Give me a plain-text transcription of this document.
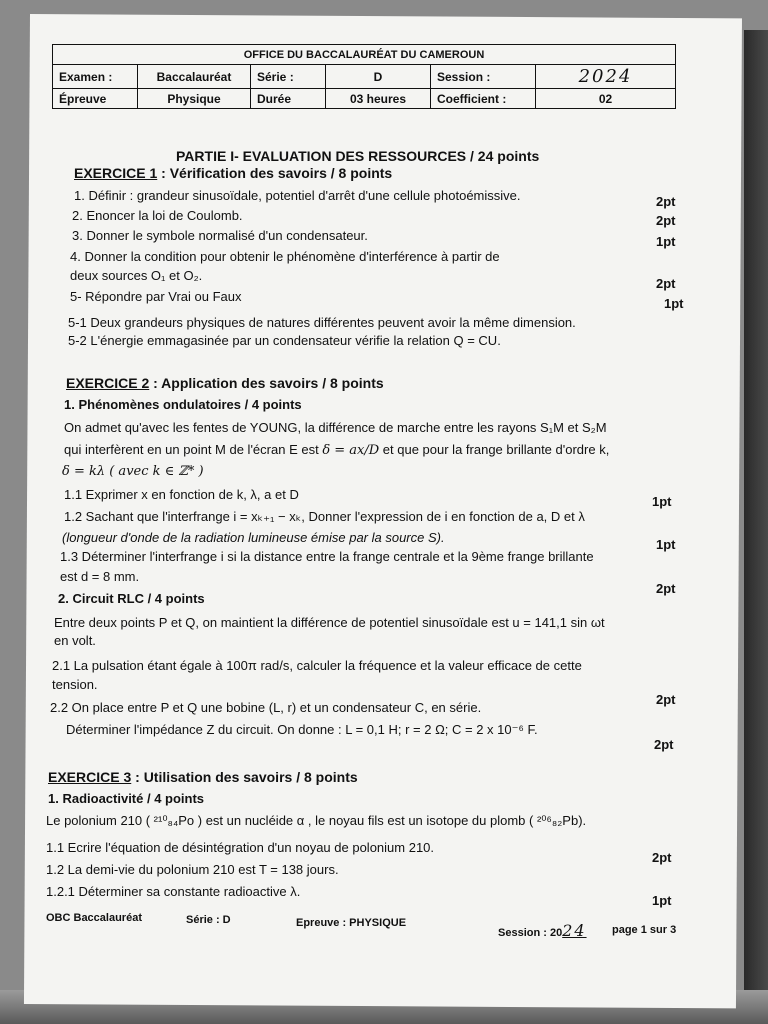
OFFICE DU BACCALAURÉAT DU CAMEROUN					
Examen :	Baccalauréat	Série :	D	Session :	2024
Épreuve	Physique	Durée	03 heures	Coefficient :	02
PARTIE I- EVALUATION DES RESSOURCES / 24 points
EXERCICE 1 : Vérification des savoirs / 8 points
1. Définir : grandeur sinusoïdale, potentiel d'arrêt d'une cellule photoémissive.
2. Enoncer la loi de Coulomb.
3. Donner le symbole normalisé d'un condensateur.
4. Donner la condition pour obtenir le phénomène d'interférence à partir de
deux sources O₁ et O₂.
5- Répondre par Vrai ou Faux
5-1 Deux grandeurs physiques de natures différentes peuvent avoir la même dimension.
5-2 L'énergie emmagasinée par un condensateur vérifie la relation Q = CU.
2pt
2pt
1pt
2pt
1pt
EXERCICE 2 : Application des savoirs / 8 points
1. Phénomènes ondulatoires / 4 points
On admet qu'avec les fentes de YOUNG, la différence de marche entre les rayons S₁M et S₂M
qui interfèrent en un point M de l'écran E est δ = ax/D et que pour la frange brillante d'ordre k,
δ = kλ ( avec k ∈ ℤ* )
1.1 Exprimer x en fonction de k, λ, a et D
1.2 Sachant que l'interfrange i = xₖ₊₁ − xₖ, Donner l'expression de i en fonction de a, D et λ
(longueur d'onde de la radiation lumineuse émise par la source S).
1.3 Déterminer l'interfrange i si la distance entre la frange centrale et la 9ème frange brillante
est d = 8 mm.
2. Circuit RLC / 4 points
Entre deux points P et Q, on maintient la différence de potentiel sinusoïdale est u = 141,1 sin ωt
en volt.
2.1 La pulsation étant égale à 100π rad/s, calculer la fréquence et la valeur efficace de cette
tension.
2.2 On place entre P et Q une bobine (L, r) et un condensateur C, en série.
Déterminer l'impédance Z du circuit. On donne : L = 0,1 H; r = 2 Ω; C = 2 x 10⁻⁶ F.
1pt
1pt
2pt
2pt
2pt
EXERCICE 3 : Utilisation des savoirs / 8 points
1. Radioactivité / 4 points
Le polonium 210 ( ²¹⁰₈₄Po ) est un nucléide α , le noyau fils est un isotope du plomb ( ²⁰⁶₈₂Pb).
1.1 Ecrire l'équation de désintégration d'un noyau de polonium 210.
1.2 La demi-vie du polonium 210 est T = 138 jours.
1.2.1 Déterminer sa constante radioactive λ.
2pt
1pt
OBC Baccalauréat	Série : D	Epreuve : PHYSIQUE
Session : 2024 page 1 sur 3
